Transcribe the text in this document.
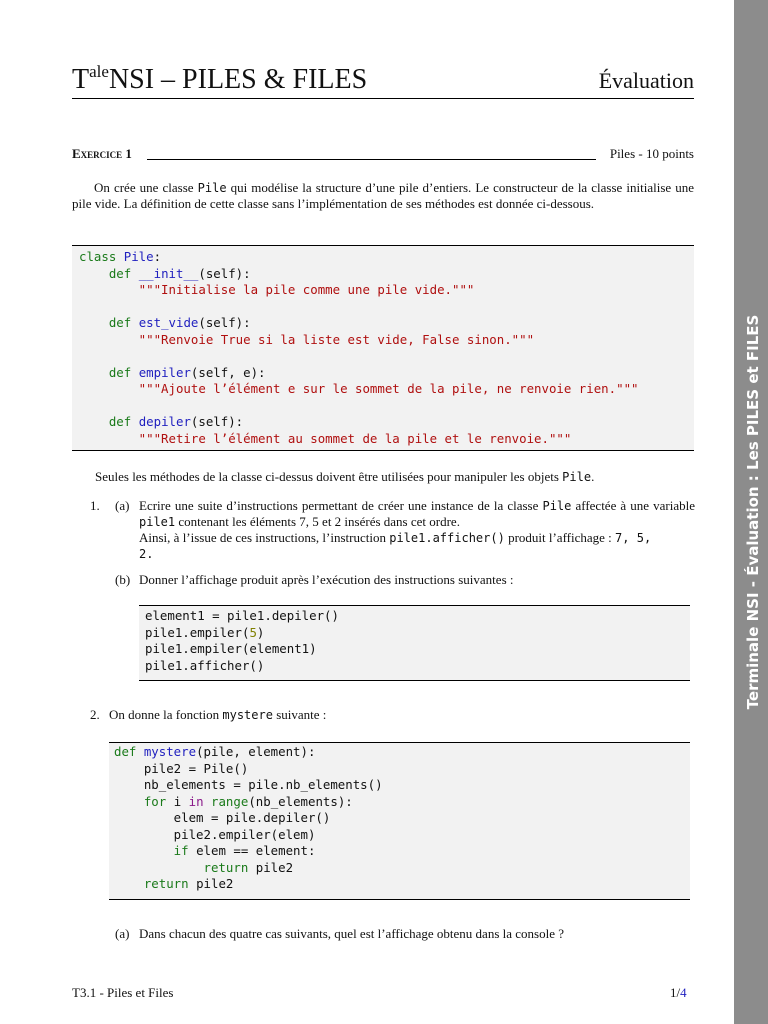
Terminale NSI - Évaluation : Les PILES et FILES
$T^{ale}NSI$ – PILES & FILES	Évaluation
Exercice 1	Piles - 10 points
On crée une classe Pile qui modélise la structure d’une pile d’entiers. Le constructeur de la classe initialise une pile vide. La définition de cette classe sans l’implémentation de ses méthodes est donnée ci-dessous.
class Pile:
def __init__(self):
"""Initialise la pile comme une pile vide."""
def est_vide(self):
"""Renvoie True si la liste est vide, False sinon."""
def empiler(self, e):
"""Ajoute l’élément e sur le sommet de la pile, ne renvoie rien."""
def depiler(self):
"""Retire l’élément au sommet de la pile et le renvoie."""
Seules les méthodes de la classe ci-dessus doivent être utilisées pour manipuler les objets Pile.
1.	(a) Ecrire une suite d’instructions permettant de créer une instance de la classe Pile affectée à une variable pile1 contenant les éléments 7, 5 et 2 insérés dans cet ordre.
Ainsi, à l’issue de ces instructions, l’instruction pile1.afficher() produit l’affichage : 7, 5,
2.
(b) Donner l’affichage produit après l’exécution des instructions suivantes :
element1 = pile1.depiler()
pile1.empiler(5)
pile1.empiler(element1)
pile1.afficher()
2. On donne la fonction mystere suivante :
def mystere(pile, element):
pile2 = Pile()
nb_elements = pile.nb_elements()
for i in range(nb_elements):
elem = pile.depiler()
pile2.empiler(elem)
if elem == element:
return pile2
return pile2
(a) Dans chacun des quatre cas suivants, quel est l’affichage obtenu dans la console ?
T3.1 - Piles et Files	1/4
